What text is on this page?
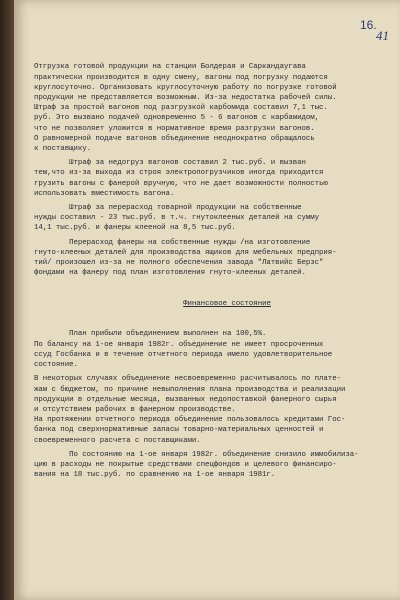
16.
41

Отгрузка готовой продукции на станции Болдерая и Саркандаугава
практически производится в одну смену, вагоны под погрузку подаются
круглосуточно. Организовать круглосуточную работу по погрузке готовой
продукции не представляется возможным. Из-за недостатка рабочей силы.
Штраф за простой вагонов под разгрузкой карбомида составил 7,1 тыс.
руб. Это вызвано подачей одновременно 5 - 6 вагонов с карбамидом,
что не позволяет уложится в нормативное время разгрузки вагонов.
О равномерной подаче вагонов объединение неоднократно обращалось
к поставщику.
Штраф за недогруз вагонов составил 2 тыс.руб. и вызван
тем,что из-за выхода из строя электропогрузчиков иногда приходится
грузить вагоны с фанерой вручную, что не дает возможности полностью
использовать вместимость вагона.
Штраф за перерасход товарной продукции на собственные
нужды составил - 23 тыс.руб. в т.ч. гнутоклееных деталей на сумму
14,1 тыс.руб. и фанеры клееной на 8,5 тыс.руб.
Перерасход фанеры на собственные нужды /на изготовление
гнуто-клееных деталей для производства ящиков для мебельных предприя-
тий/ произошел из-за не полного обеспечения завода "Латвийс Берзс"
фондами на фанеру под план изготовления гнуто-клееных деталей.

Финансовое состояние

План прибыли объединением выполнен на 100,5%.
По балансу на 1-ое января 1982г. объединение не имеет просроченных
ссуд Госбанка и в течение отчетного периода имело удовлетворительное
состояние.
В некоторых случаях объединение несвоевременно расчитывалось по плате-
жам с бюджетом, по причине невыполнения плана производства и реализации
продукции в отдельные месяца, вызванных недопоставкой фанерного сырья
и отсутствием рабочих в фанерном производстве.
На протяжении отчетного периода объединение пользовалось кредитами Гос-
банка под сверхнормативные запасы товарно-материальных ценностей и
своевременного расчета с поставщиками.
По состоянию на 1-ое января 1982г. объединение снизило иммобилиза-
цию в расходы не покрытые средствами спецфондов и целевого финансиро-
вания на 18 тыс.руб. по сравнению на 1-ое января 1981г.
